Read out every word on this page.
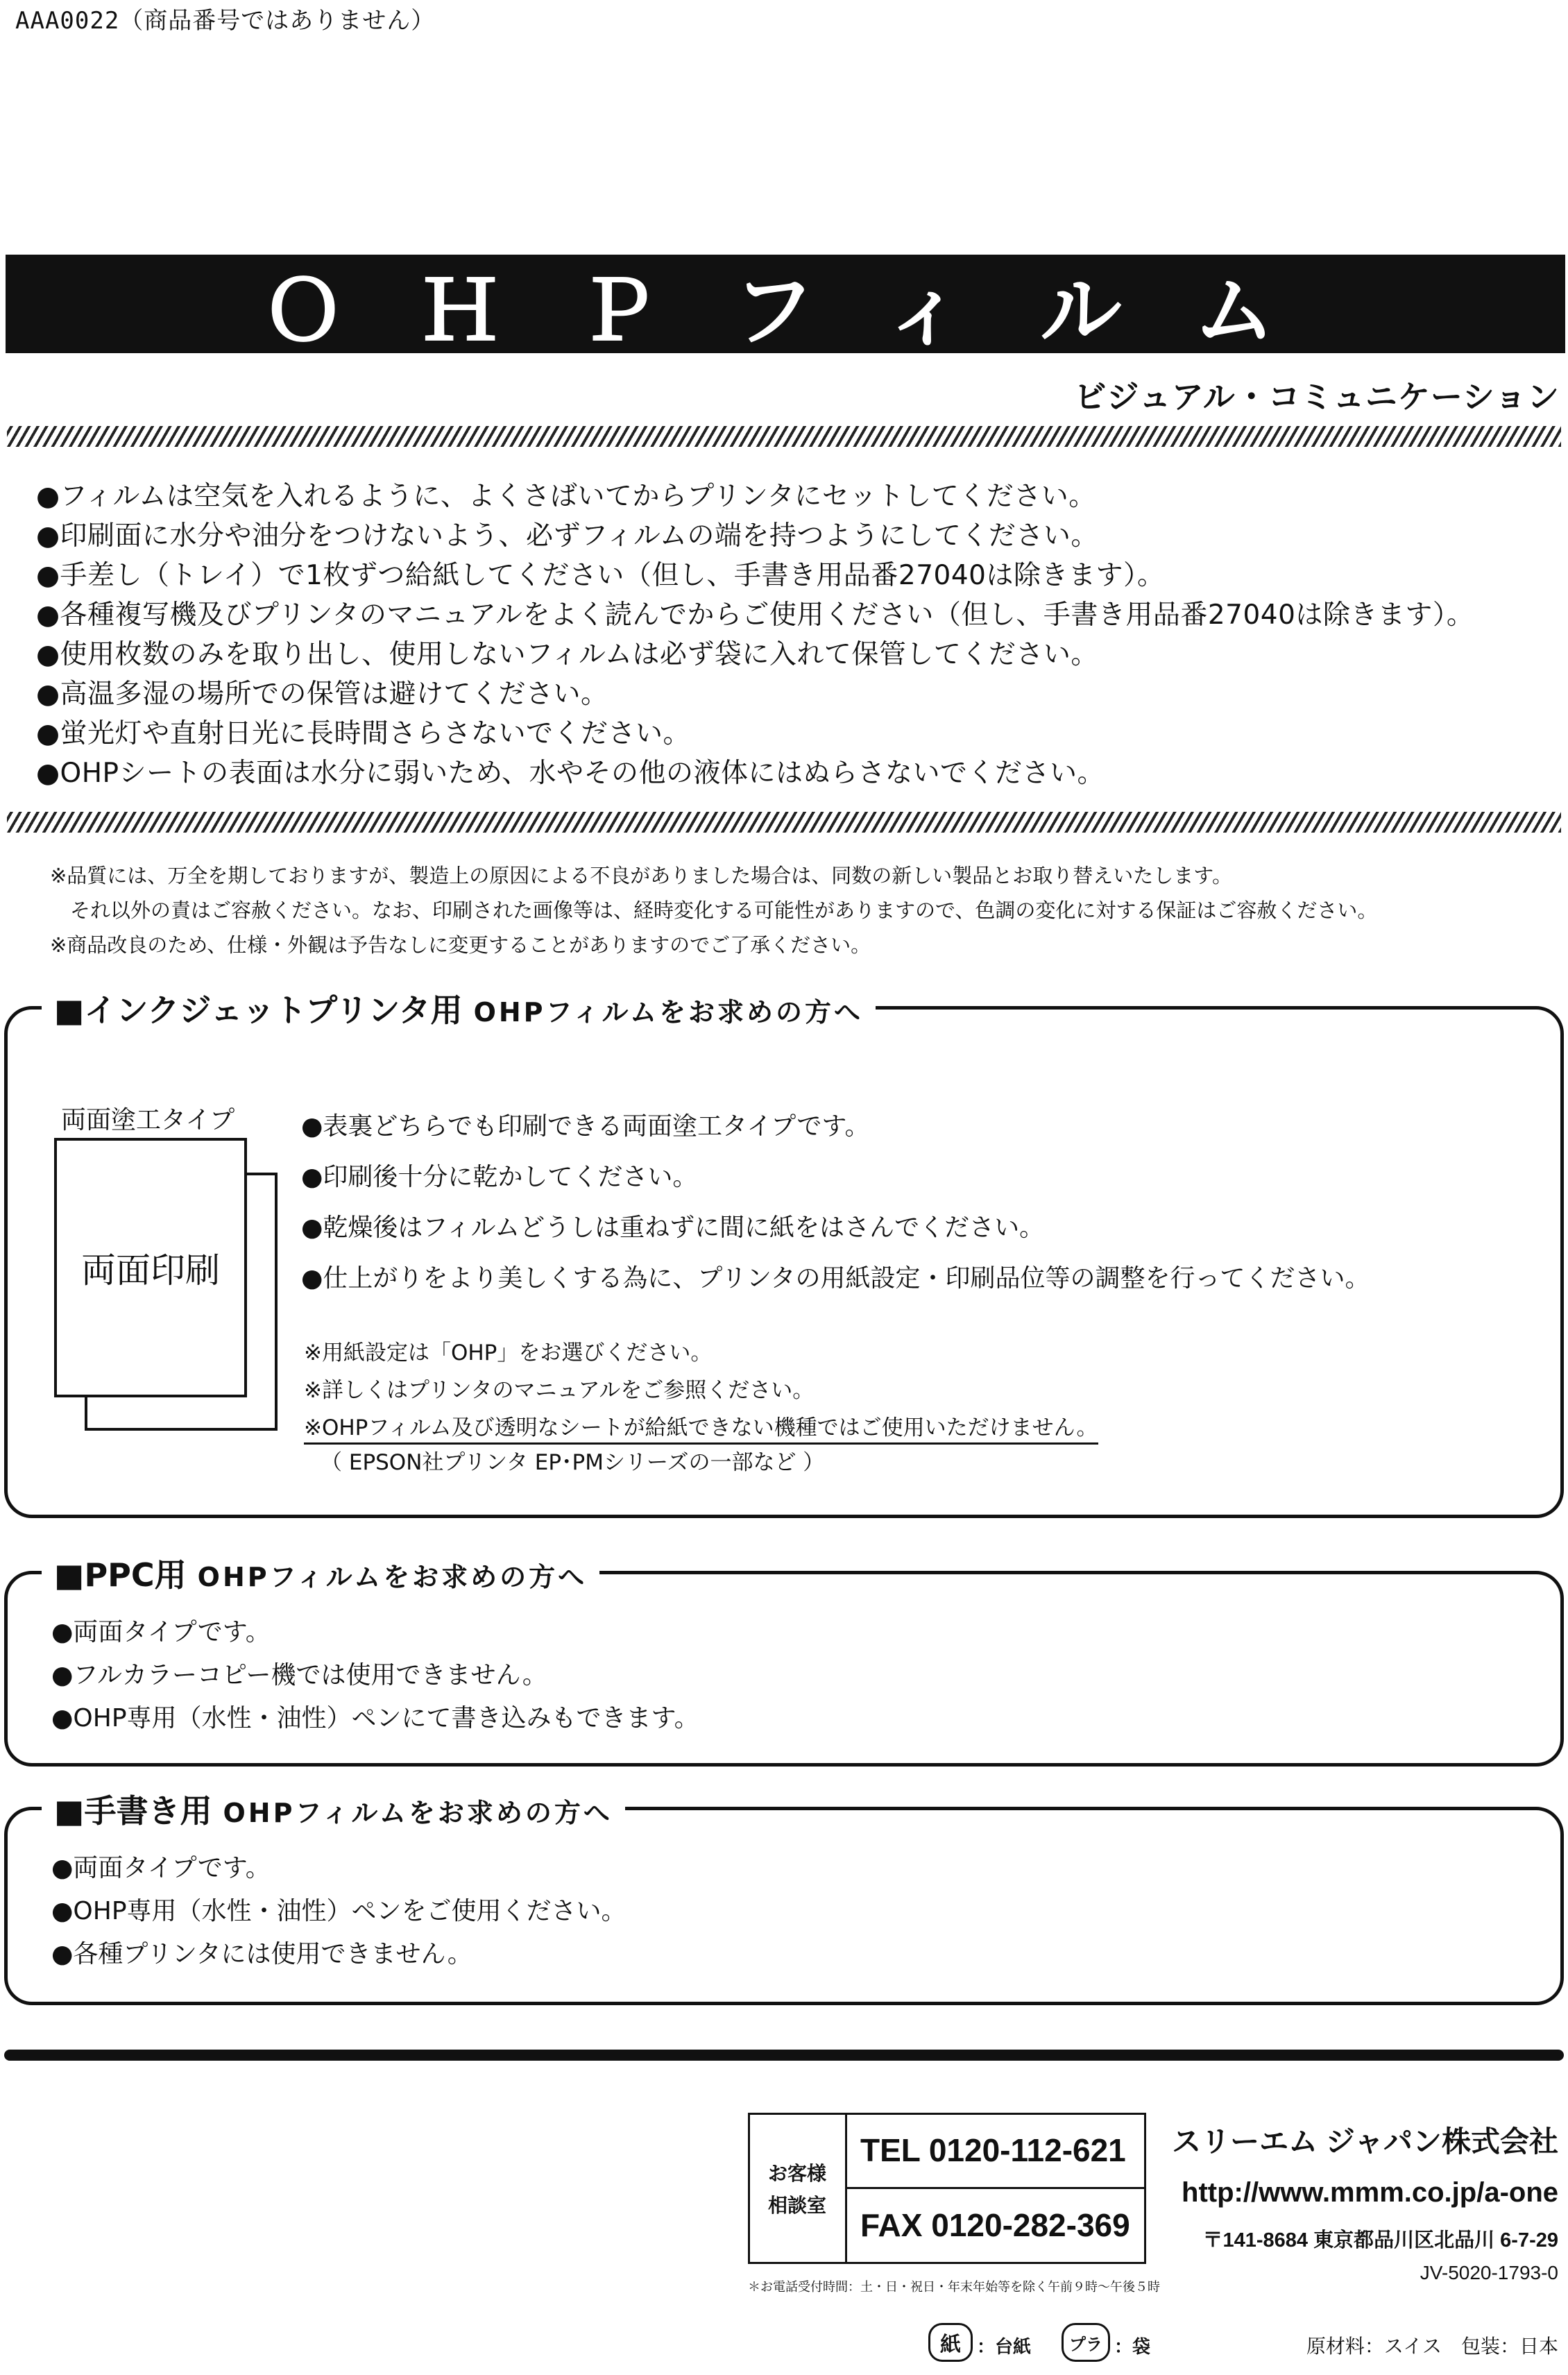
AAA0022（商品番号ではありません）
ＯＨＰフィルム
ビジュアル・コミュニケーション
●フィルムは空気を入れるように、よくさばいてからプリンタにセットしてください。
●印刷面に水分や油分をつけないよう、必ずフィルムの端を持つようにしてください。
●手差し（トレイ）で1枚ずつ給紙してください（但し、手書き用品番27040は除きます）。
●各種複写機及びプリンタのマニュアルをよく読んでからご使用ください（但し、手書き用品番27040は除きます）。
●使用枚数のみを取り出し、使用しないフィルムは必ず袋に入れて保管してください。
●高温多湿の場所での保管は避けてください。
●蛍光灯や直射日光に長時間さらさないでください。
●OHPシートの表面は水分に弱いため、水やその他の液体にはぬらさないでください。
※品質には、万全を期しておりますが、製造上の原因による不良がありました場合は、同数の新しい製品とお取り替えいたします。
　それ以外の責はご容赦ください。なお、印刷された画像等は、経時変化する可能性がありますので、色調の変化に対する保証はご容赦ください。
※商品改良のため、仕様・外観は予告なしに変更することがありますのでご了承ください。
■インクジェットプリンタ用 OHPフィルムをお求めの方へ
両面塗工タイプ
両面印刷
●表裏どちらでも印刷できる両面塗工タイプです。
●印刷後十分に乾かしてください。
●乾燥後はフィルムどうしは重ねずに間に紙をはさんでください。
●仕上がりをより美しくする為に、プリンタの用紙設定・印刷品位等の調整を行ってください。
※用紙設定は「OHP」をお選びください。
※詳しくはプリンタのマニュアルをご参照ください。
※OHPフィルム及び透明なシートが給紙できない機種ではご使用いただけません。
（ EPSON社プリンタ EP･PMシリーズの一部など ）
■PPC用 OHPフィルムをお求めの方へ
●両面タイプです。
●フルカラーコピー機では使用できません。
●OHP専用（水性・油性）ペンにて書き込みもできます。
■手書き用 OHPフィルムをお求めの方へ
●両面タイプです。
●OHP専用（水性・油性）ペンをご使用ください。
●各種プリンタには使用できません。
お客様
相談室
TEL 0120-112-621
FAX 0120-282-369
＊お電話受付時間：土・日・祝日・年末年始等を除く午前９時〜午後５時
スリーエム ジャパン株式会社
http://www.mmm.co.jp/a-one
〒141-8684 東京都品川区北品川 6-7-29
JV-5020-1793-0
紙 ：台紙 プラ ：袋	原材料：スイス　包装：日本
